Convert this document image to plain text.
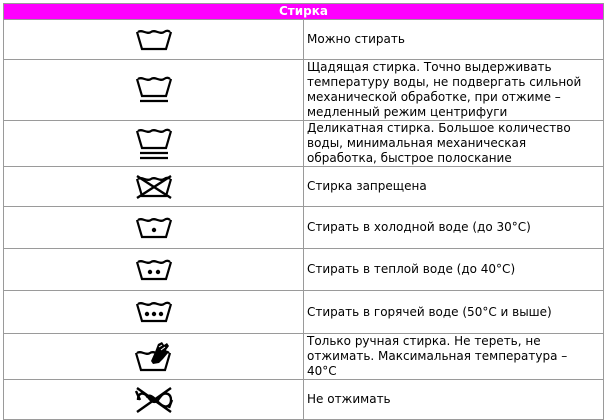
Стирка	

	Можно стирать

	Щадящая стирка. Точно выдерживать температуру воды, не подвергать сильной механической обработке, при отжиме – медленный режим центрифуги

	Деликатная стирка. Большое количество воды, минимальная механическая обработка, быстрое полоскание

	Стирка запрещена

	Стирать в холодной воде (до 30°С)

	Стирать в теплой воде (до 40°С)

	Стирать в горячей воде (50°С и выше)

	Только ручная стирка. Не тереть, не отжимать. Максимальная температура – 40°С

	Не отжимать
